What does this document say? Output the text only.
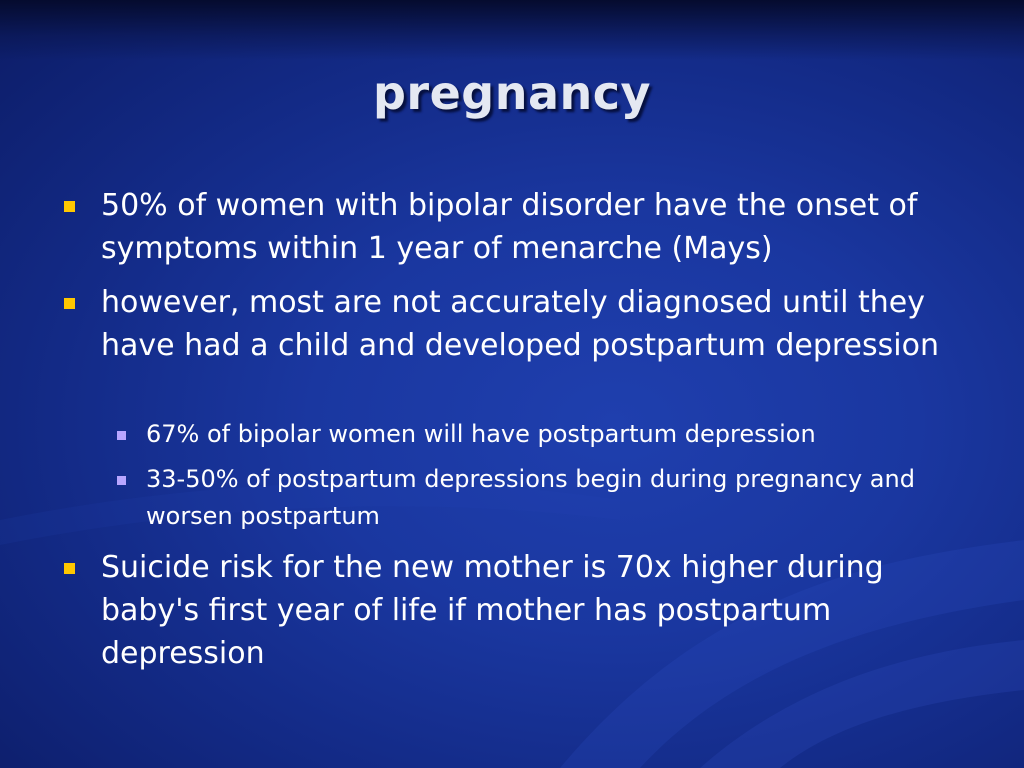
pregnancy
50% of women with bipolar disorder have the onset of symptoms within 1 year of menarche (Mays)
however, most are not accurately diagnosed until they have had a child and developed postpartum depression
67% of bipolar women will have postpartum depression
33-50% of postpartum depressions begin during pregnancy and worsen postpartum
Suicide risk for the new mother is 70x higher during baby's first year of life if mother has postpartum depression
